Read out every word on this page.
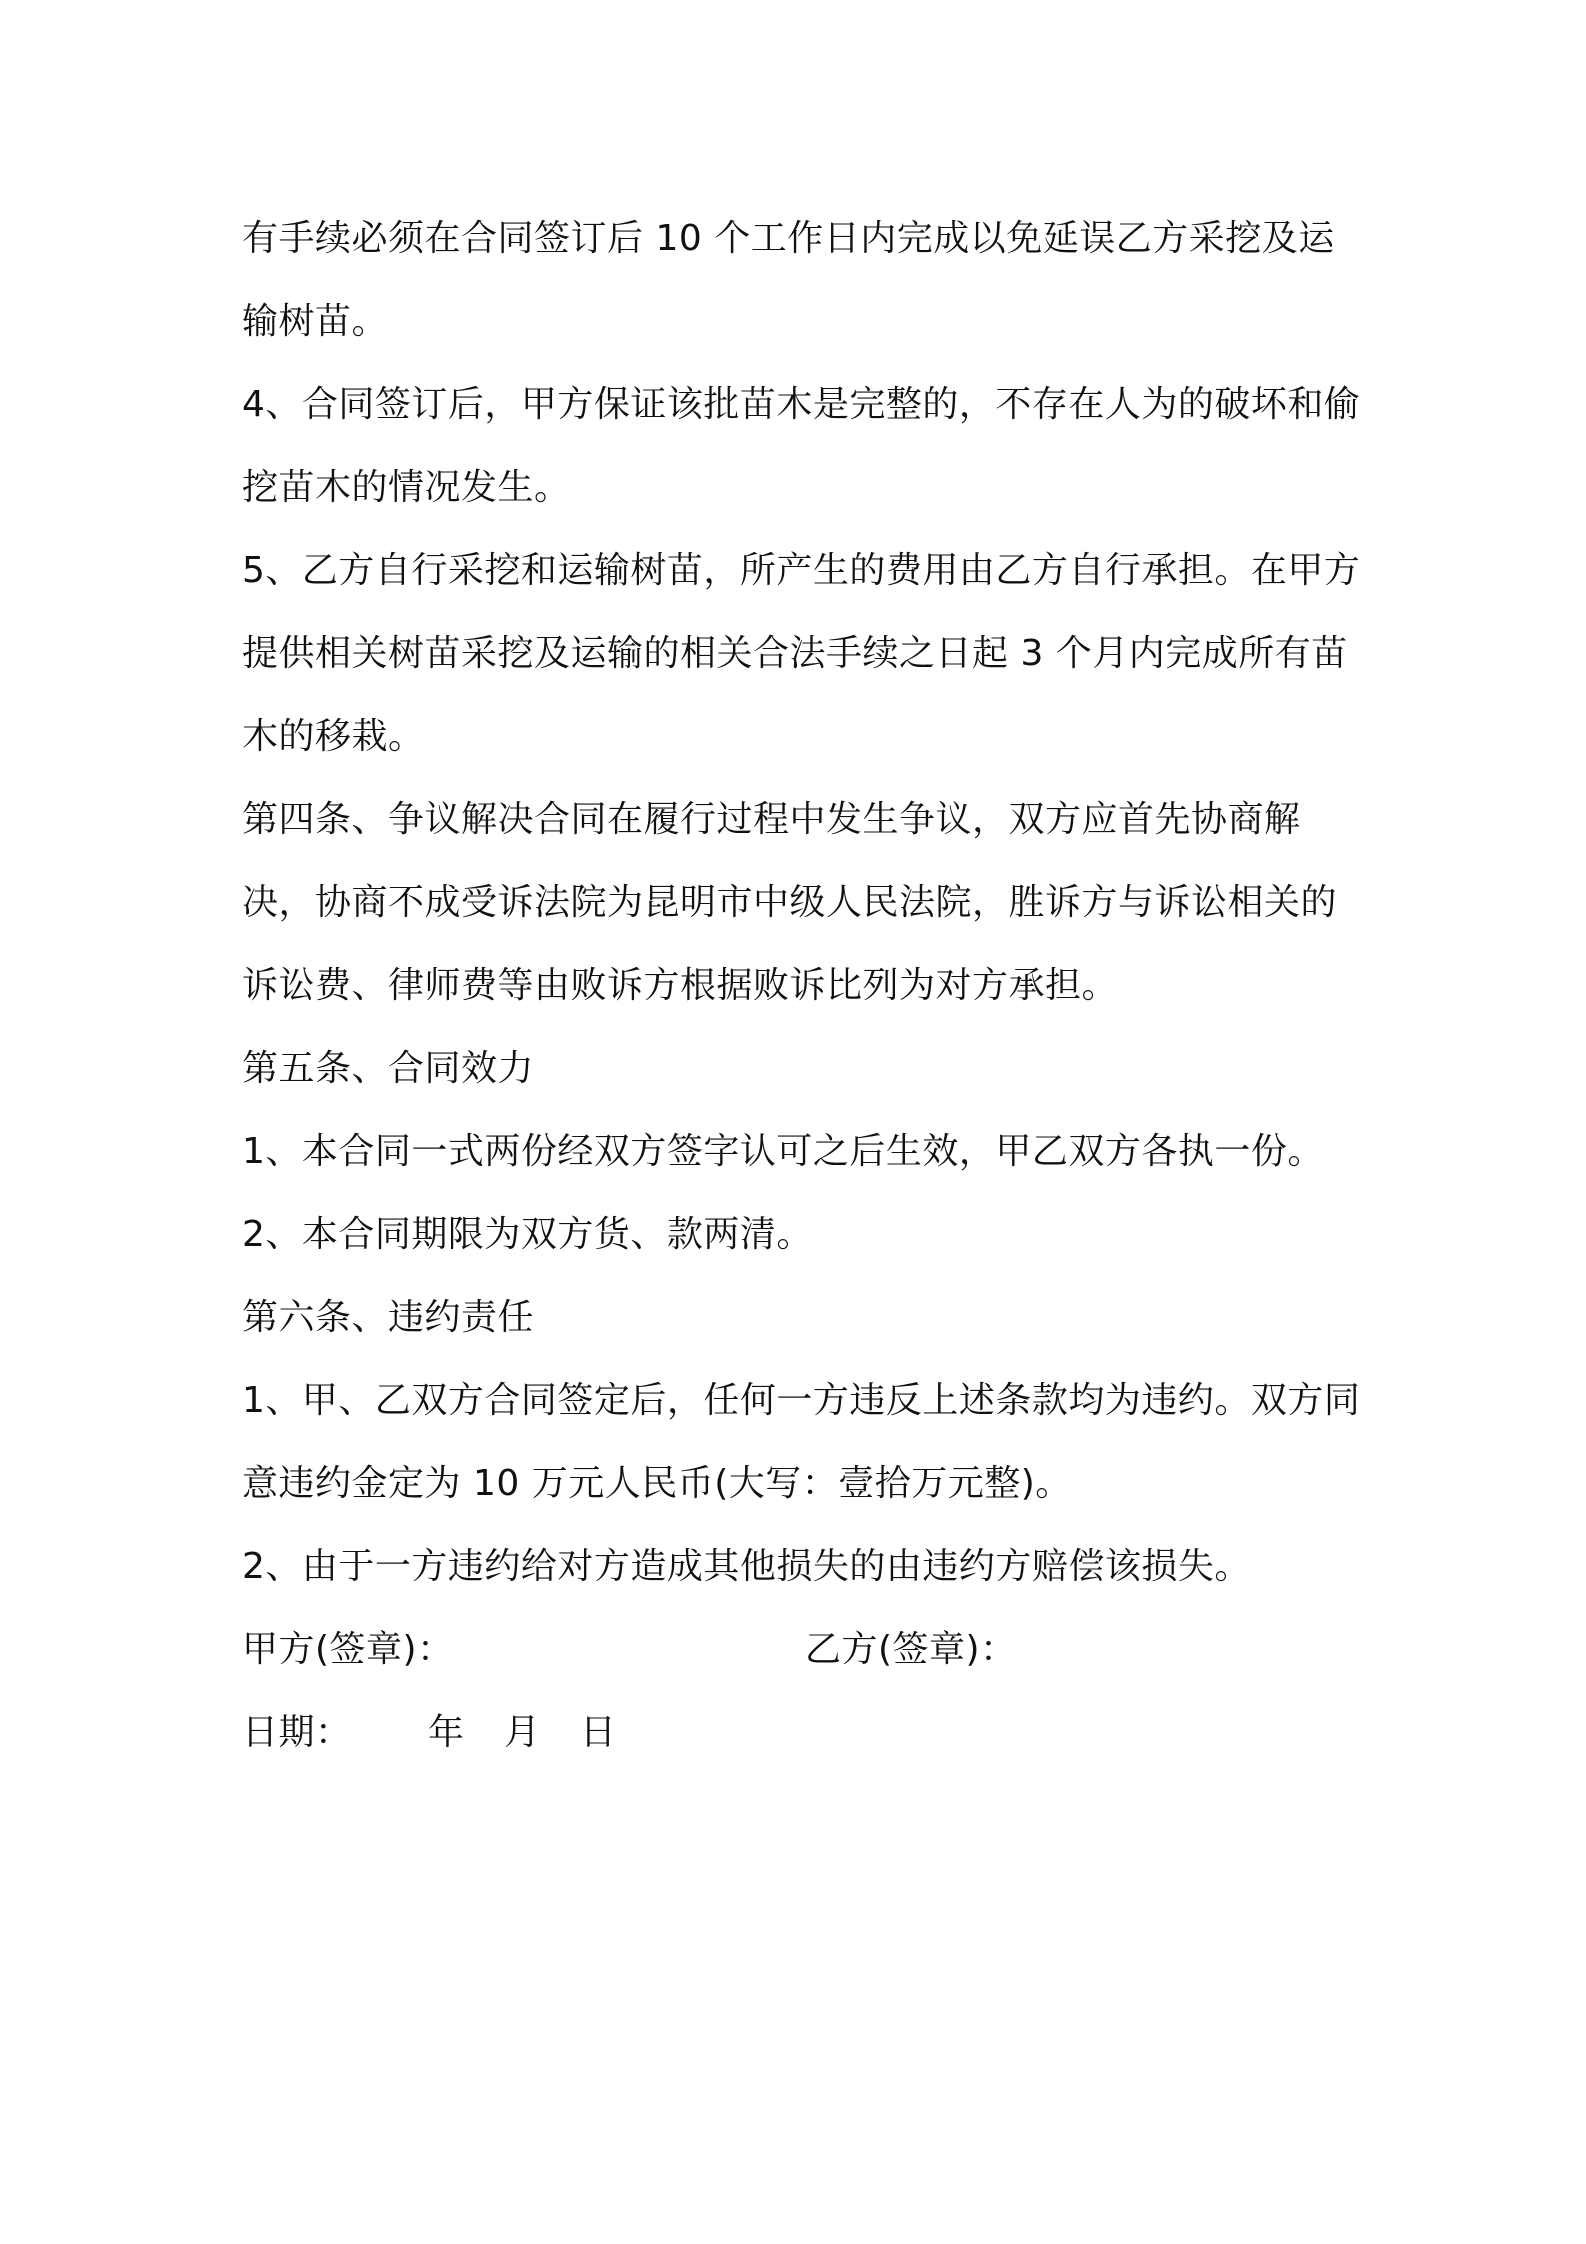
有手续必须在合同签订后 10 个工作日内完成以免延误乙方采挖及运输树苗。

4、合同签订后，甲方保证该批苗木是完整的，不存在人为的破坏和偷挖苗木的情况发生。

5、乙方自行采挖和运输树苗，所产生的费用由乙方自行承担。在甲方提供相关树苗采挖及运输的相关合法手续之日起 3 个月内完成所有苗木的移栽。

第四条、争议解决合同在履行过程中发生争议，双方应首先协商解决，协商不成受诉法院为昆明市中级人民法院，胜诉方与诉讼相关的诉讼费、律师费等由败诉方根据败诉比列为对方承担。

第五条、合同效力

1、本合同一式两份经双方签字认可之后生效，甲乙双方各执一份。

2、本合同期限为双方货、款两清。

第六条、违约责任

1、甲、乙双方合同签定后，任何一方违反上述条款均为违约。双方同意违约金定为 10 万元人民币(大写：壹拾万元整)。

2、由于一方违约给对方造成其他损失的由违约方赔偿该损失。

甲方(签章)：	乙方(签章)：
日期： 年 月 日
